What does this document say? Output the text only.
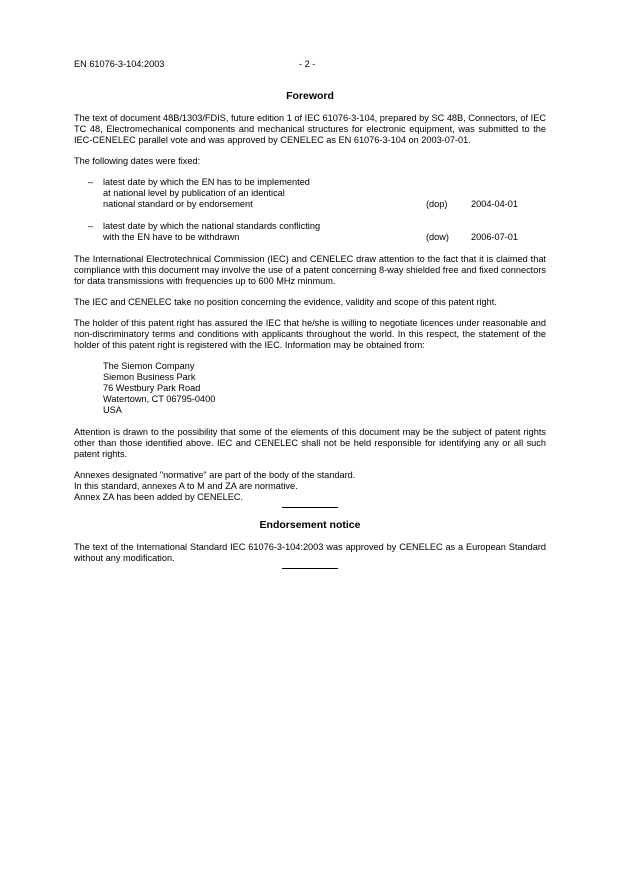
EN 61076-3-104:2003	- 2 -
Foreword

The text of document 48B/1303/FDIS, future edition 1 of IEC 61076-3-104, prepared by SC 48B, Connectors, of IEC TC 48, Electromechanical components and mechanical structures for electronic equipment, was submitted to the IEC-CENELEC parallel vote and was approved by CENELEC as EN 61076-3-104 on 2003-07-01.

The following dates were fixed:

– latest date by which the EN has to be implemented
at national level by publication of an identical
national standard or by endorsement	(dop)	2004-04-01
– latest date by which the national standards conflicting
with the EN have to be withdrawn	(dow) 2006-07-01

The International Electrotechnical Commission (IEC) and CENELEC draw attention to the fact that it is claimed that compliance with this document may involve the use of a patent concerning 8-way shielded free and fixed connectors for data transmissions with frequencies up to 600 MHz minmum.

The IEC and CENELEC take no position concerning the evidence, validity and scope of this patent right.

The holder of this patent right has assured the IEC that he/she is willing to negotiate licences under reasonable and non-discriminatory terms and conditions with applicants throughout the world. In this respect, the statement of the holder of this patent right is registered with the IEC. Information may be obtained from:

The Siemon Company
Siemon Business Park
76 Westbury Park Road
Watertown, CT 06795-0400
USA

Attention is drawn to the possibility that some of the elements of this document may be the subject of patent rights other than those identified above. IEC and CENELEC shall not be held responsible for identifying any or all such patent rights.

Annexes designated "normative" are part of the body of the standard.
In this standard, annexes A to M and ZA are normative.
Annex ZA has been added by CENELEC.
Endorsement notice

The text of the International Standard IEC 61076-3-104:2003 was approved by CENELEC as a European Standard without any modification.
